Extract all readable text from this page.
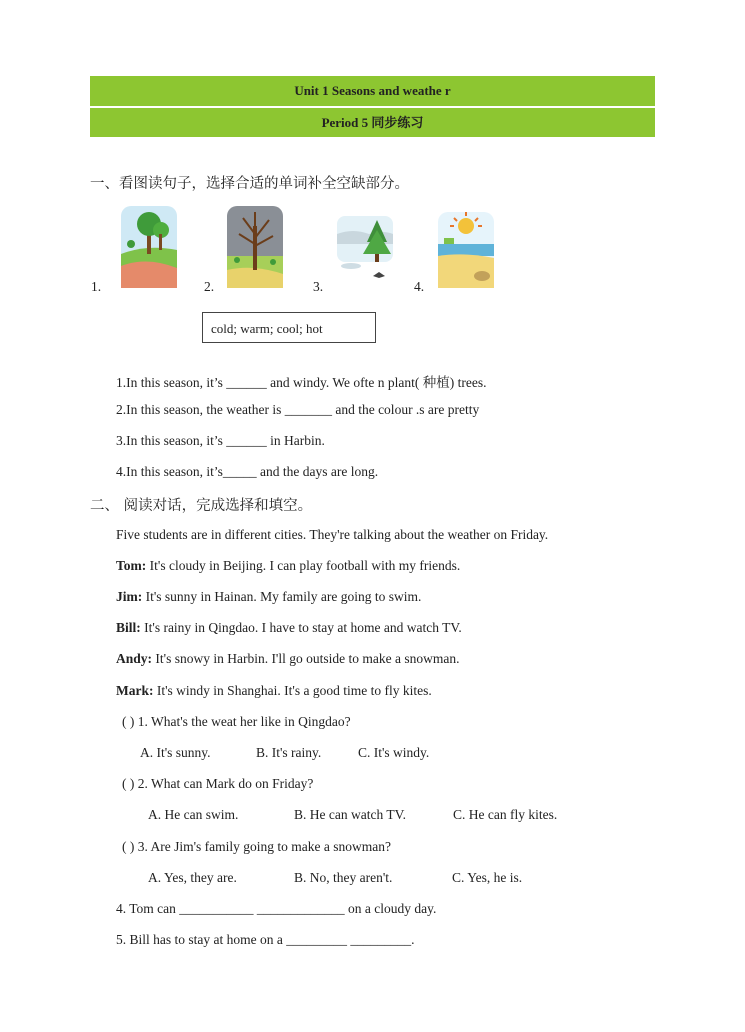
Unit 1 Seasons and weathe r
Period 5 同步练习
一、看图读句子，选择合适的单词补全空缺部分。
1.	2.	3.	4.
cold; warm; cool; hot
1.In this season, it’s ______ and windy. We ofte n plant( 种植) trees.
2.In this season, the weather is _______ and the colour .s are pretty
3.In this season, it’s ______ in Harbin.
4.In this season, it’s_____ and the days are long.
二、 阅读对话，完成选择和填空。
Five students are in different cities. They're talking about the weather on Friday.
Tom: It's cloudy in Beijing. I can play football with my friends.
Jim: It's sunny in Hainan. My family are going to swim.
Bill: It's rainy in Qingdao. I have to stay at home and watch TV.
Andy: It's snowy in Harbin. I'll go outside to make a snowman.
Mark: It's windy in Shanghai. It's a good time to fly kites.
( ) 1. What's the weat her like in Qingdao?
A. It's sunny.	B. It's rainy.	C. It's windy.
( ) 2. What can Mark do on Friday?
A. He can swim.	B. He can watch TV.	C. He can fly kites.
( ) 3. Are Jim's family going to make a snowman?
A. Yes, they are.	B. No, they aren't.	C. Yes, he is.
4. Tom can ___________ _____________ on a cloudy day.
5. Bill has to stay at home on a _________ _________.
